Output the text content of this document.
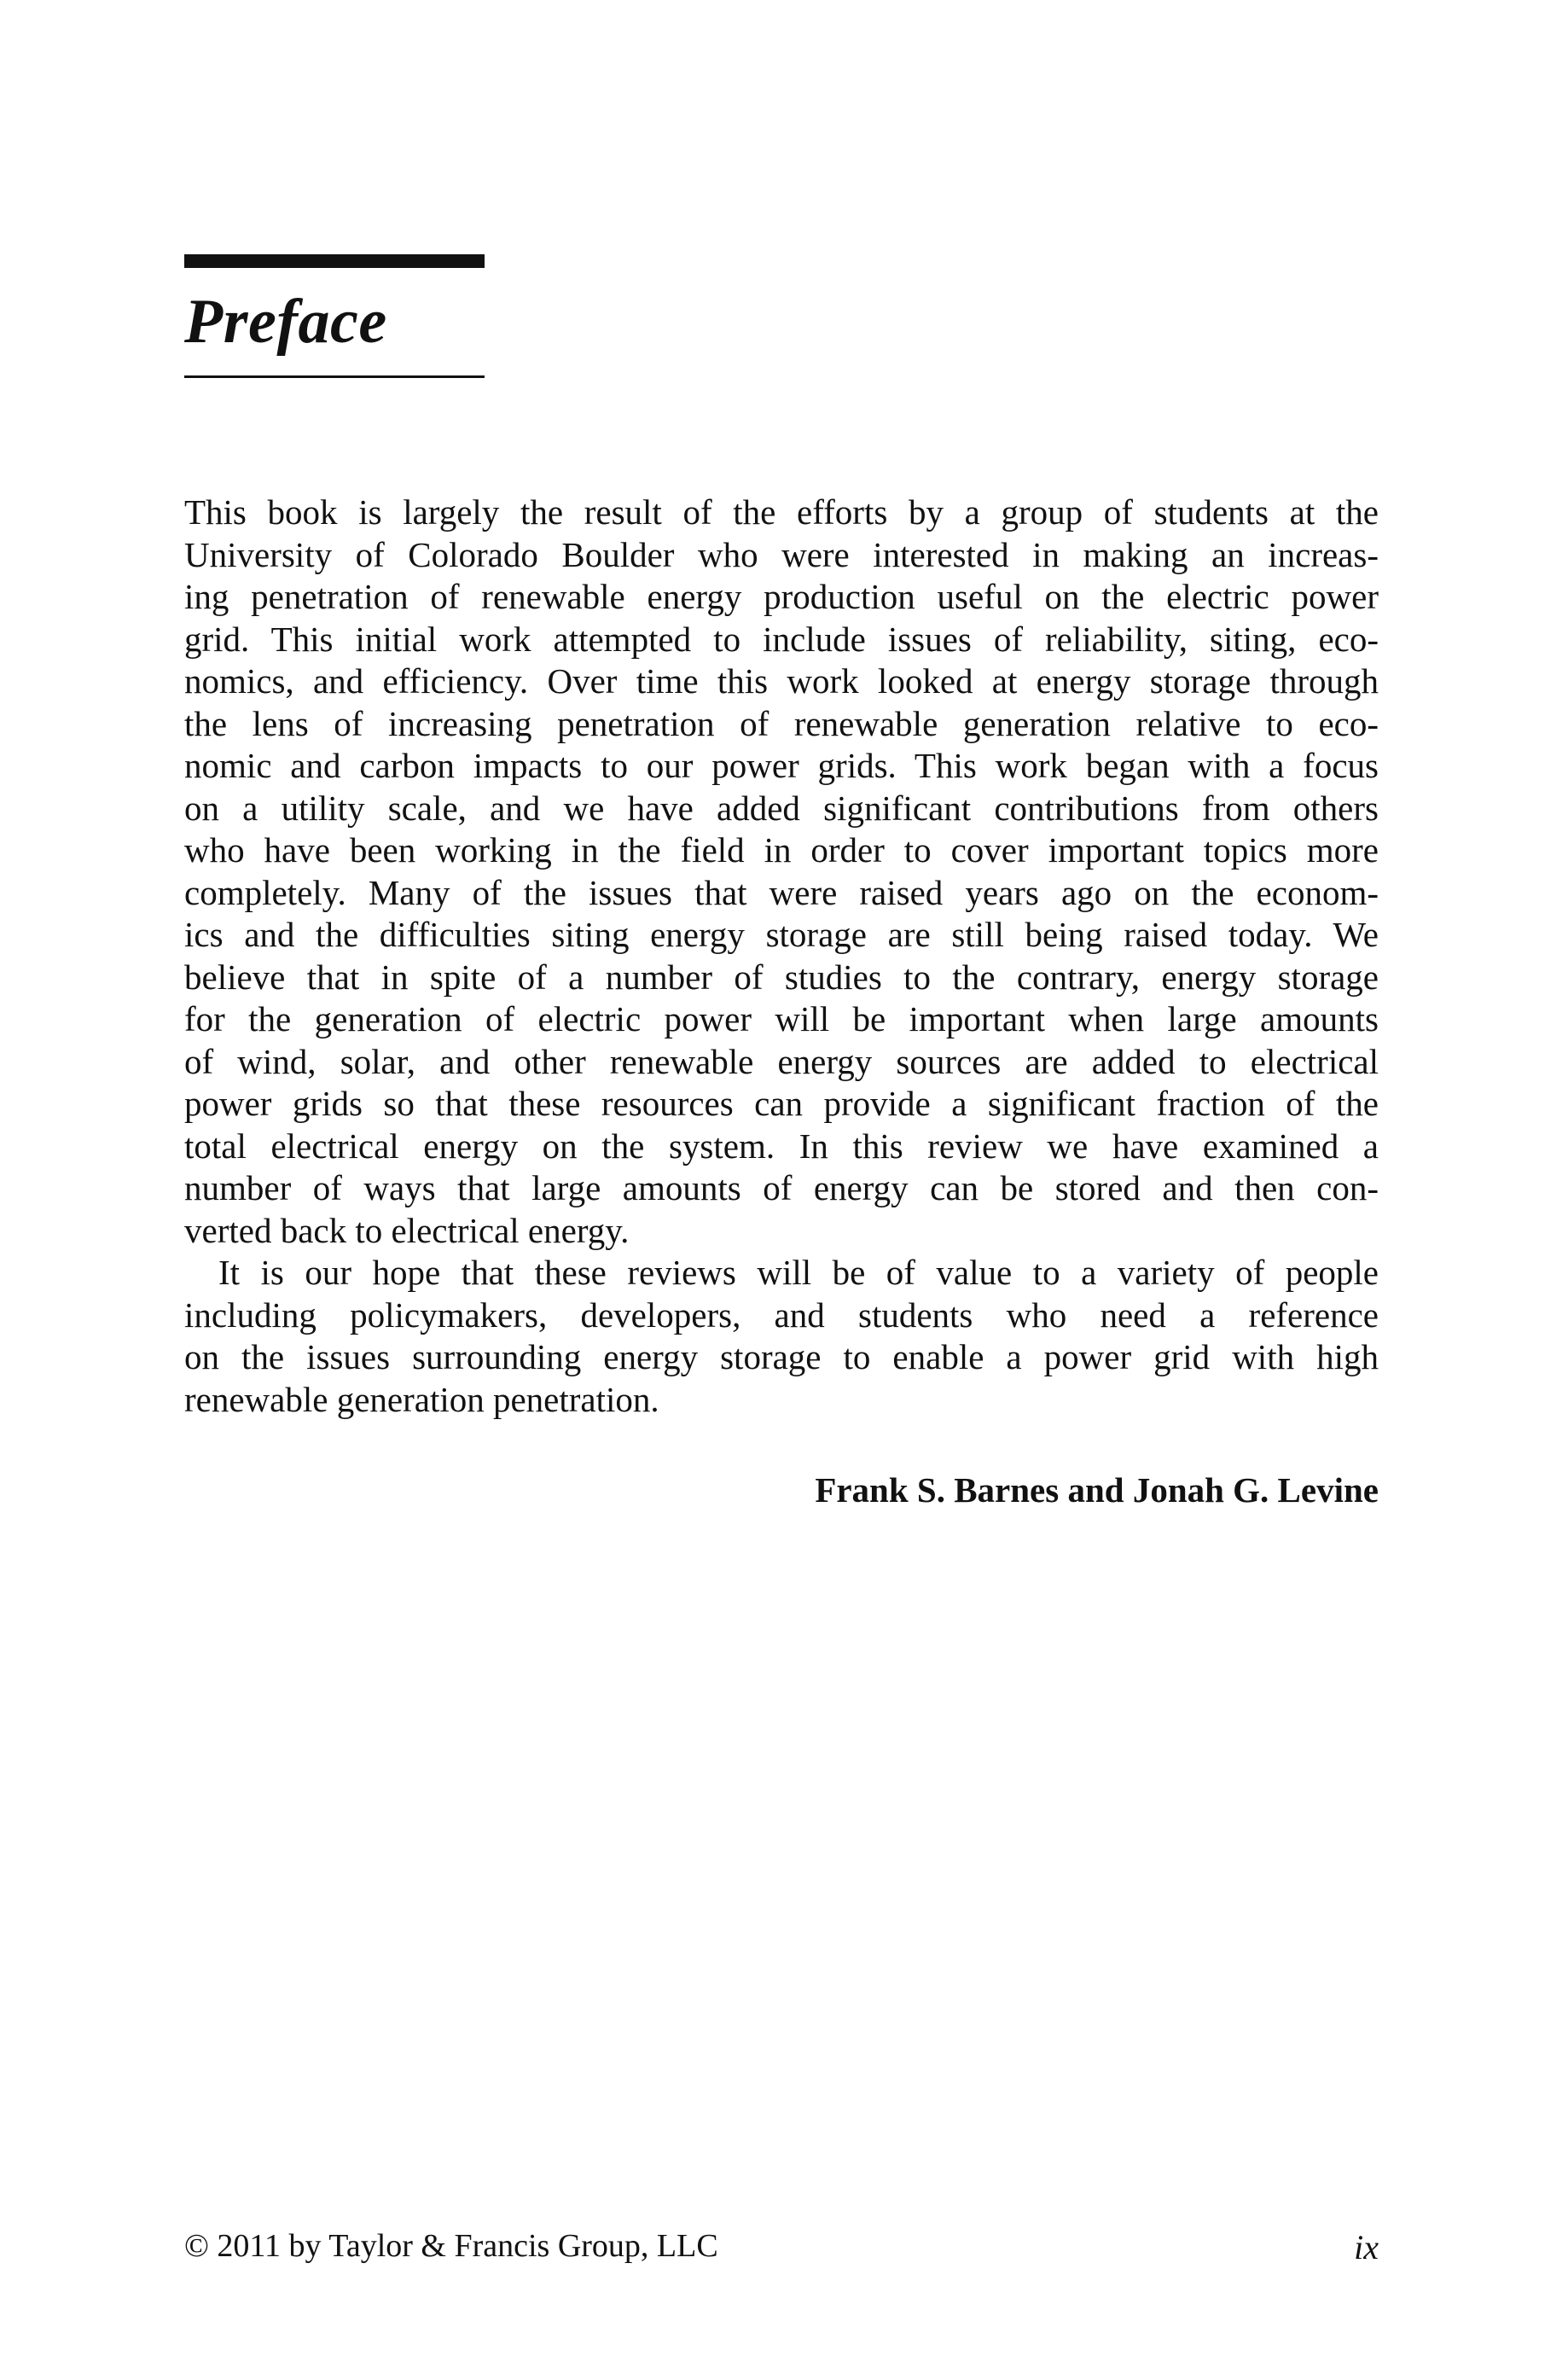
Preface
This book is largely the result of the efforts by a group of students at the
University of Colorado Boulder who were interested in making an increas-
ing penetration of renewable energy production useful on the electric power
grid. This initial work attempted to include issues of reliability, siting, eco-
nomics, and efficiency. Over time this work looked at energy storage through
the lens of increasing penetration of renewable generation relative to eco-
nomic and carbon impacts to our power grids. This work began with a focus
on a utility scale, and we have added significant contributions from others
who have been working in the field in order to cover important topics more
completely. Many of the issues that were raised years ago on the econom-
ics and the difficulties siting energy storage are still being raised today. We
believe that in spite of a number of studies to the contrary, energy storage
for the generation of electric power will be important when large amounts
of wind, solar, and other renewable energy sources are added to electrical
power grids so that these resources can provide a significant fraction of the
total electrical energy on the system. In this review we have examined a
number of ways that large amounts of energy can be stored and then con-
verted back to electrical energy.
It is our hope that these reviews will be of value to a variety of people
including policymakers, developers, and students who need a reference
on the issues surrounding energy storage to enable a power grid with high
renewable generation penetration.
Frank S. Barnes and Jonah G. Levine
© 2011 by Taylor & Francis Group, LLC	ix
